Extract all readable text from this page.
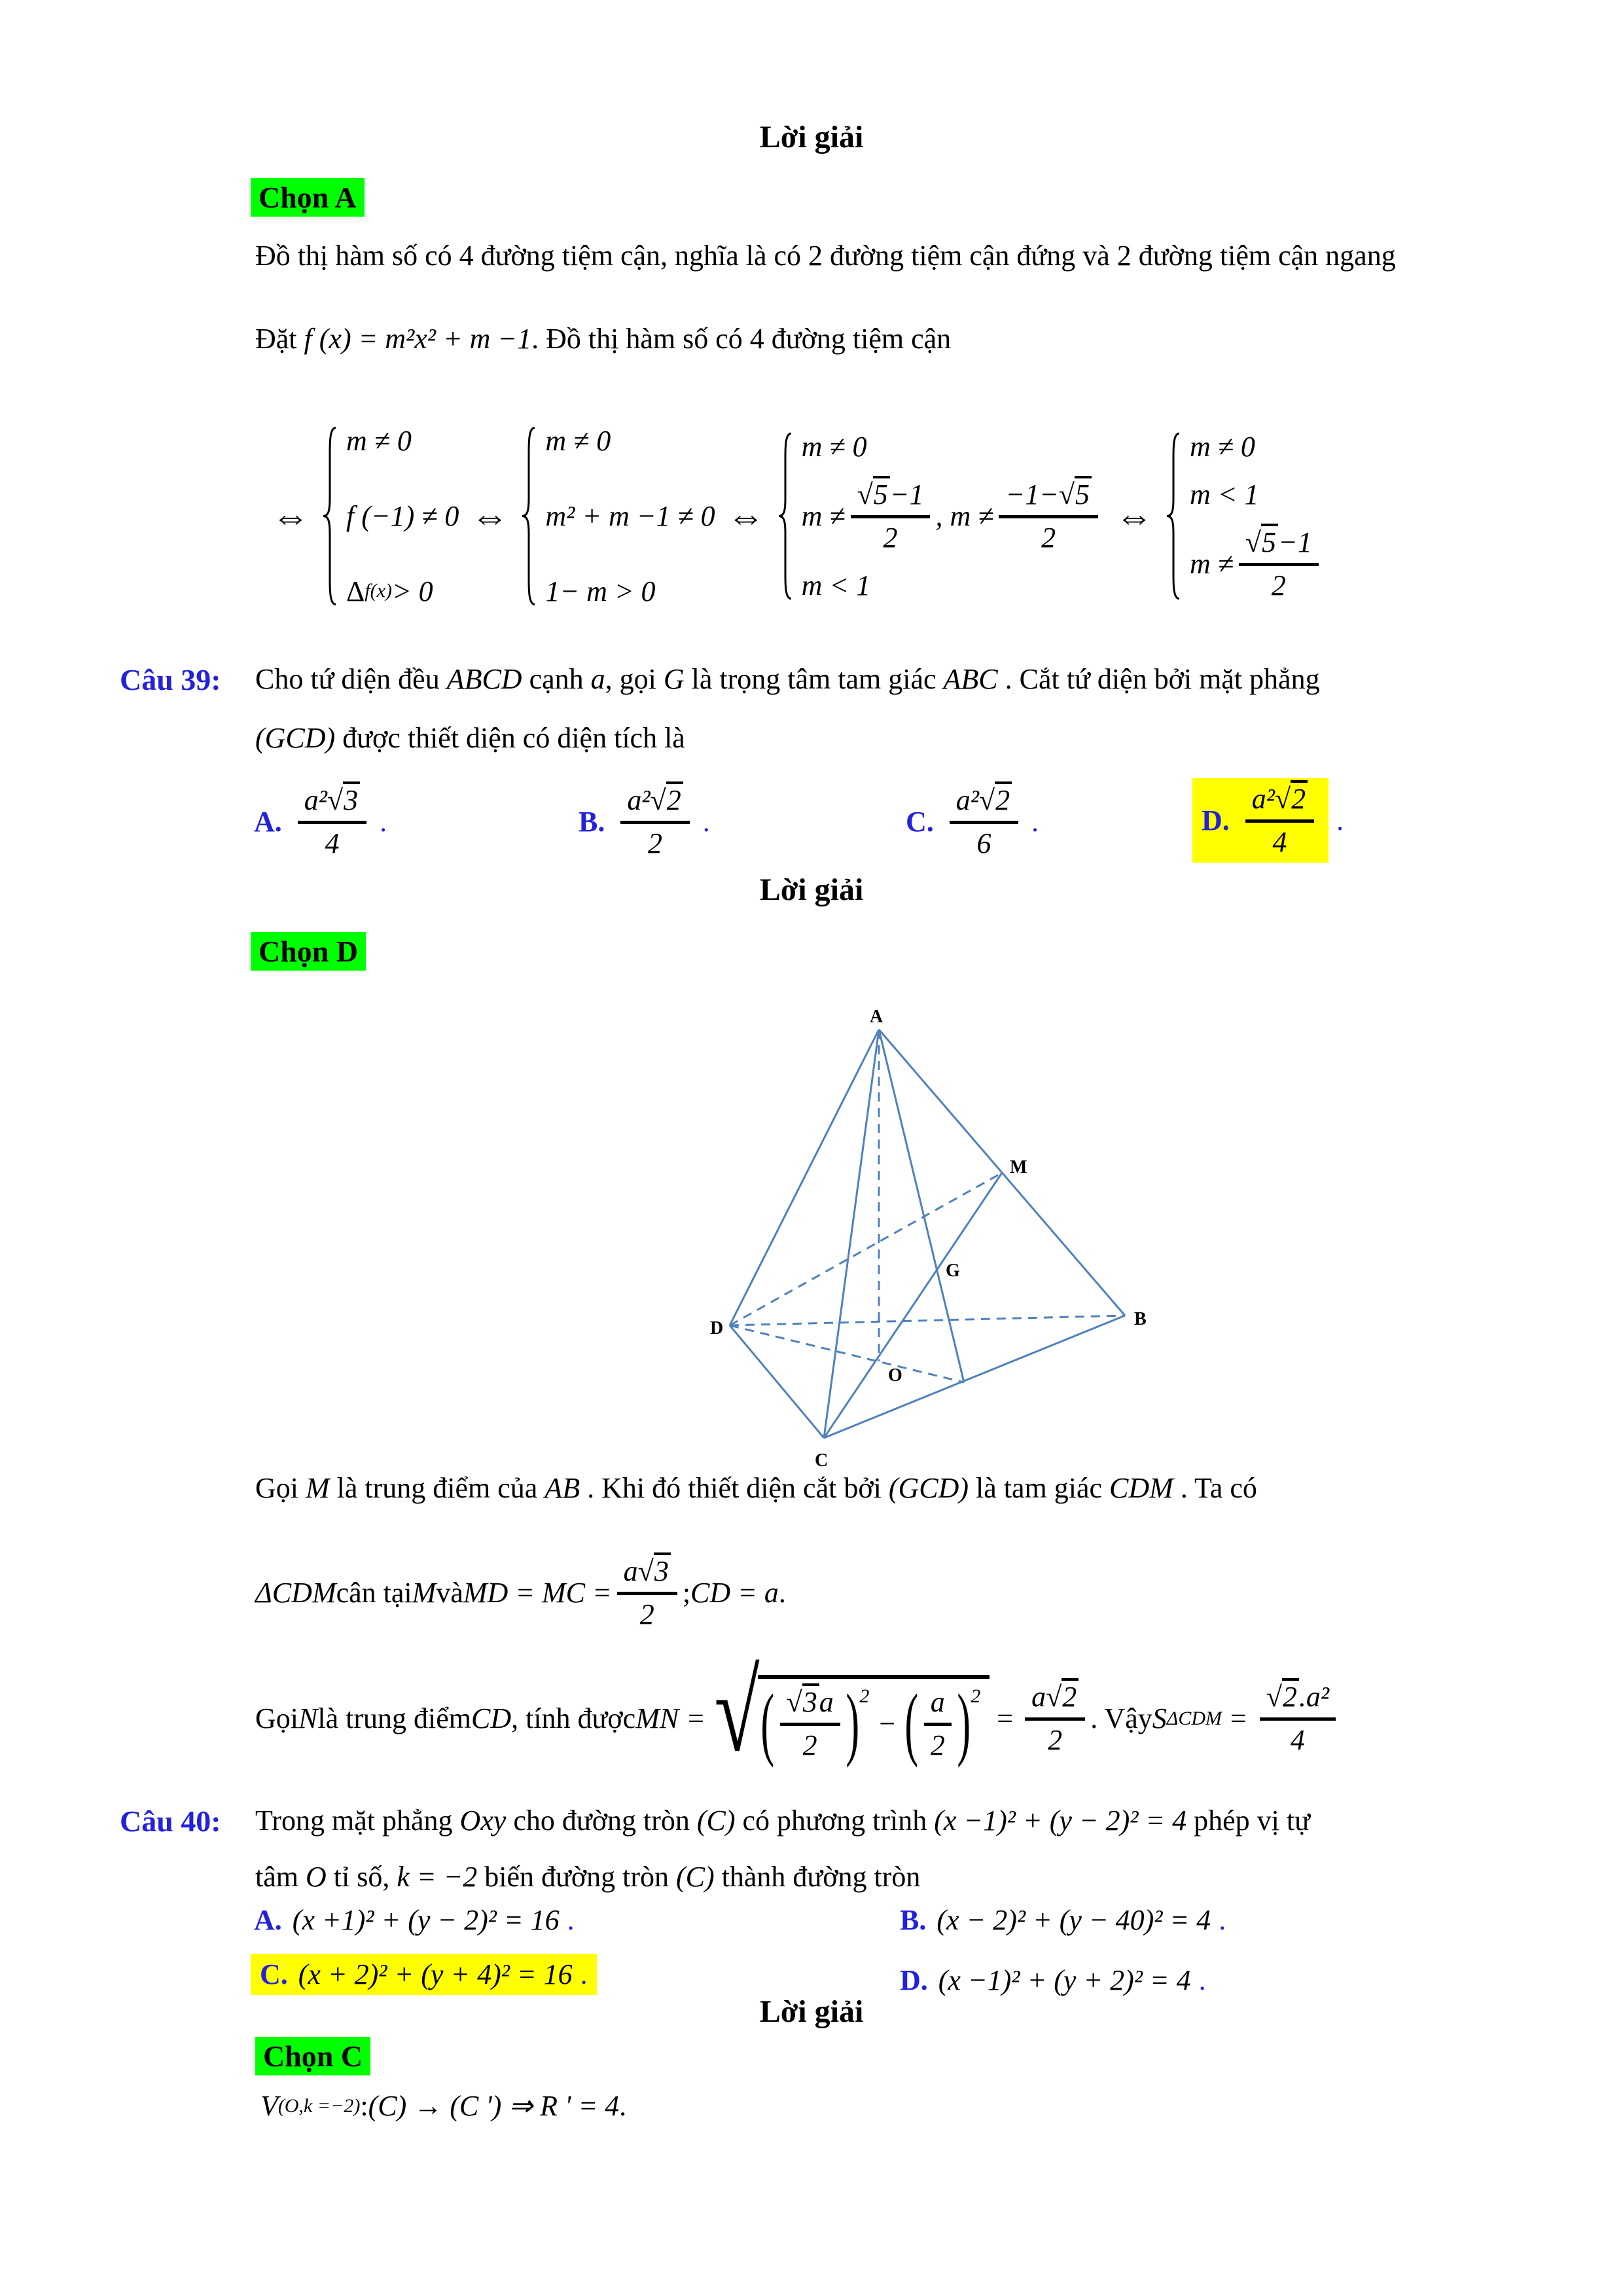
Lời giải
Chọn A
Đồ thị hàm số có 4 đường tiệm cận, nghĩa là có 2 đường tiệm cận đứng và 2 đường tiệm cận ngang
Đặt f (x) = m²x² + m −1. Đồ thị hàm số có 4 đường tiệm cận
⇔
m ≠ 0
f (−1) ≠ 0
Δ f(x) > 0
⇔
m ≠ 0
m² + m −1 ≠ 0
1− m > 0
⇔
m ≠ 0
m ≠
√5 −1
2
, m ≠
−1− √5
2
m < 1
⇔
m ≠ 0
m < 1
m ≠
√5 −1
2
Câu 39: Cho tứ diện đều ABCD cạnh a, gọi G là trọng tâm tam giác ABC . Cắt tứ diện bởi mặt phẳng
(GCD) được thiết diện có diện tích là
A.
a² √3
4
.	B.
a² √2
2
.	C.
a² √2
6
.	D.
a² √2
4
.
Lời giải
Chọn D
A
M
G
B
D
O
C
Gọi M là trung điểm của AB . Khi đó thiết diện cắt bởi (GCD) là tam giác CDM . Ta có
ΔCDM cân tại M và MD = MC = $\frac{a √3}{2}$ ; CD = a .
Gọi N là trung điểm CD , tính được MN = √ ( √3 a
2 ) 2
− ( a
2 ) 2
= $\frac{a √2}{2}$ . Vậy S $\Delta CDM = \frac{\text{√2 .a²}}{4}$
Câu 40: Trong mặt phẳng Oxy cho đường tròn (C) có phương trình (x −1)² + (y − 2)² = 4 phép vị tự
tâm O tỉ số, k = −2 biến đường tròn (C) thành đường tròn
A. (x +1)² + (y − 2)² = 16 .	B. (x − 2)² + (y − 40)² = 4 .
C. (x + 2)² + (y + 4)² = 16 .	D. (x −1)² + (y + 2)² = 4 .
Lời giải
Chọn C
V (O,k =−2) : (C) → (C ') ⇒ R ' = 4 .
